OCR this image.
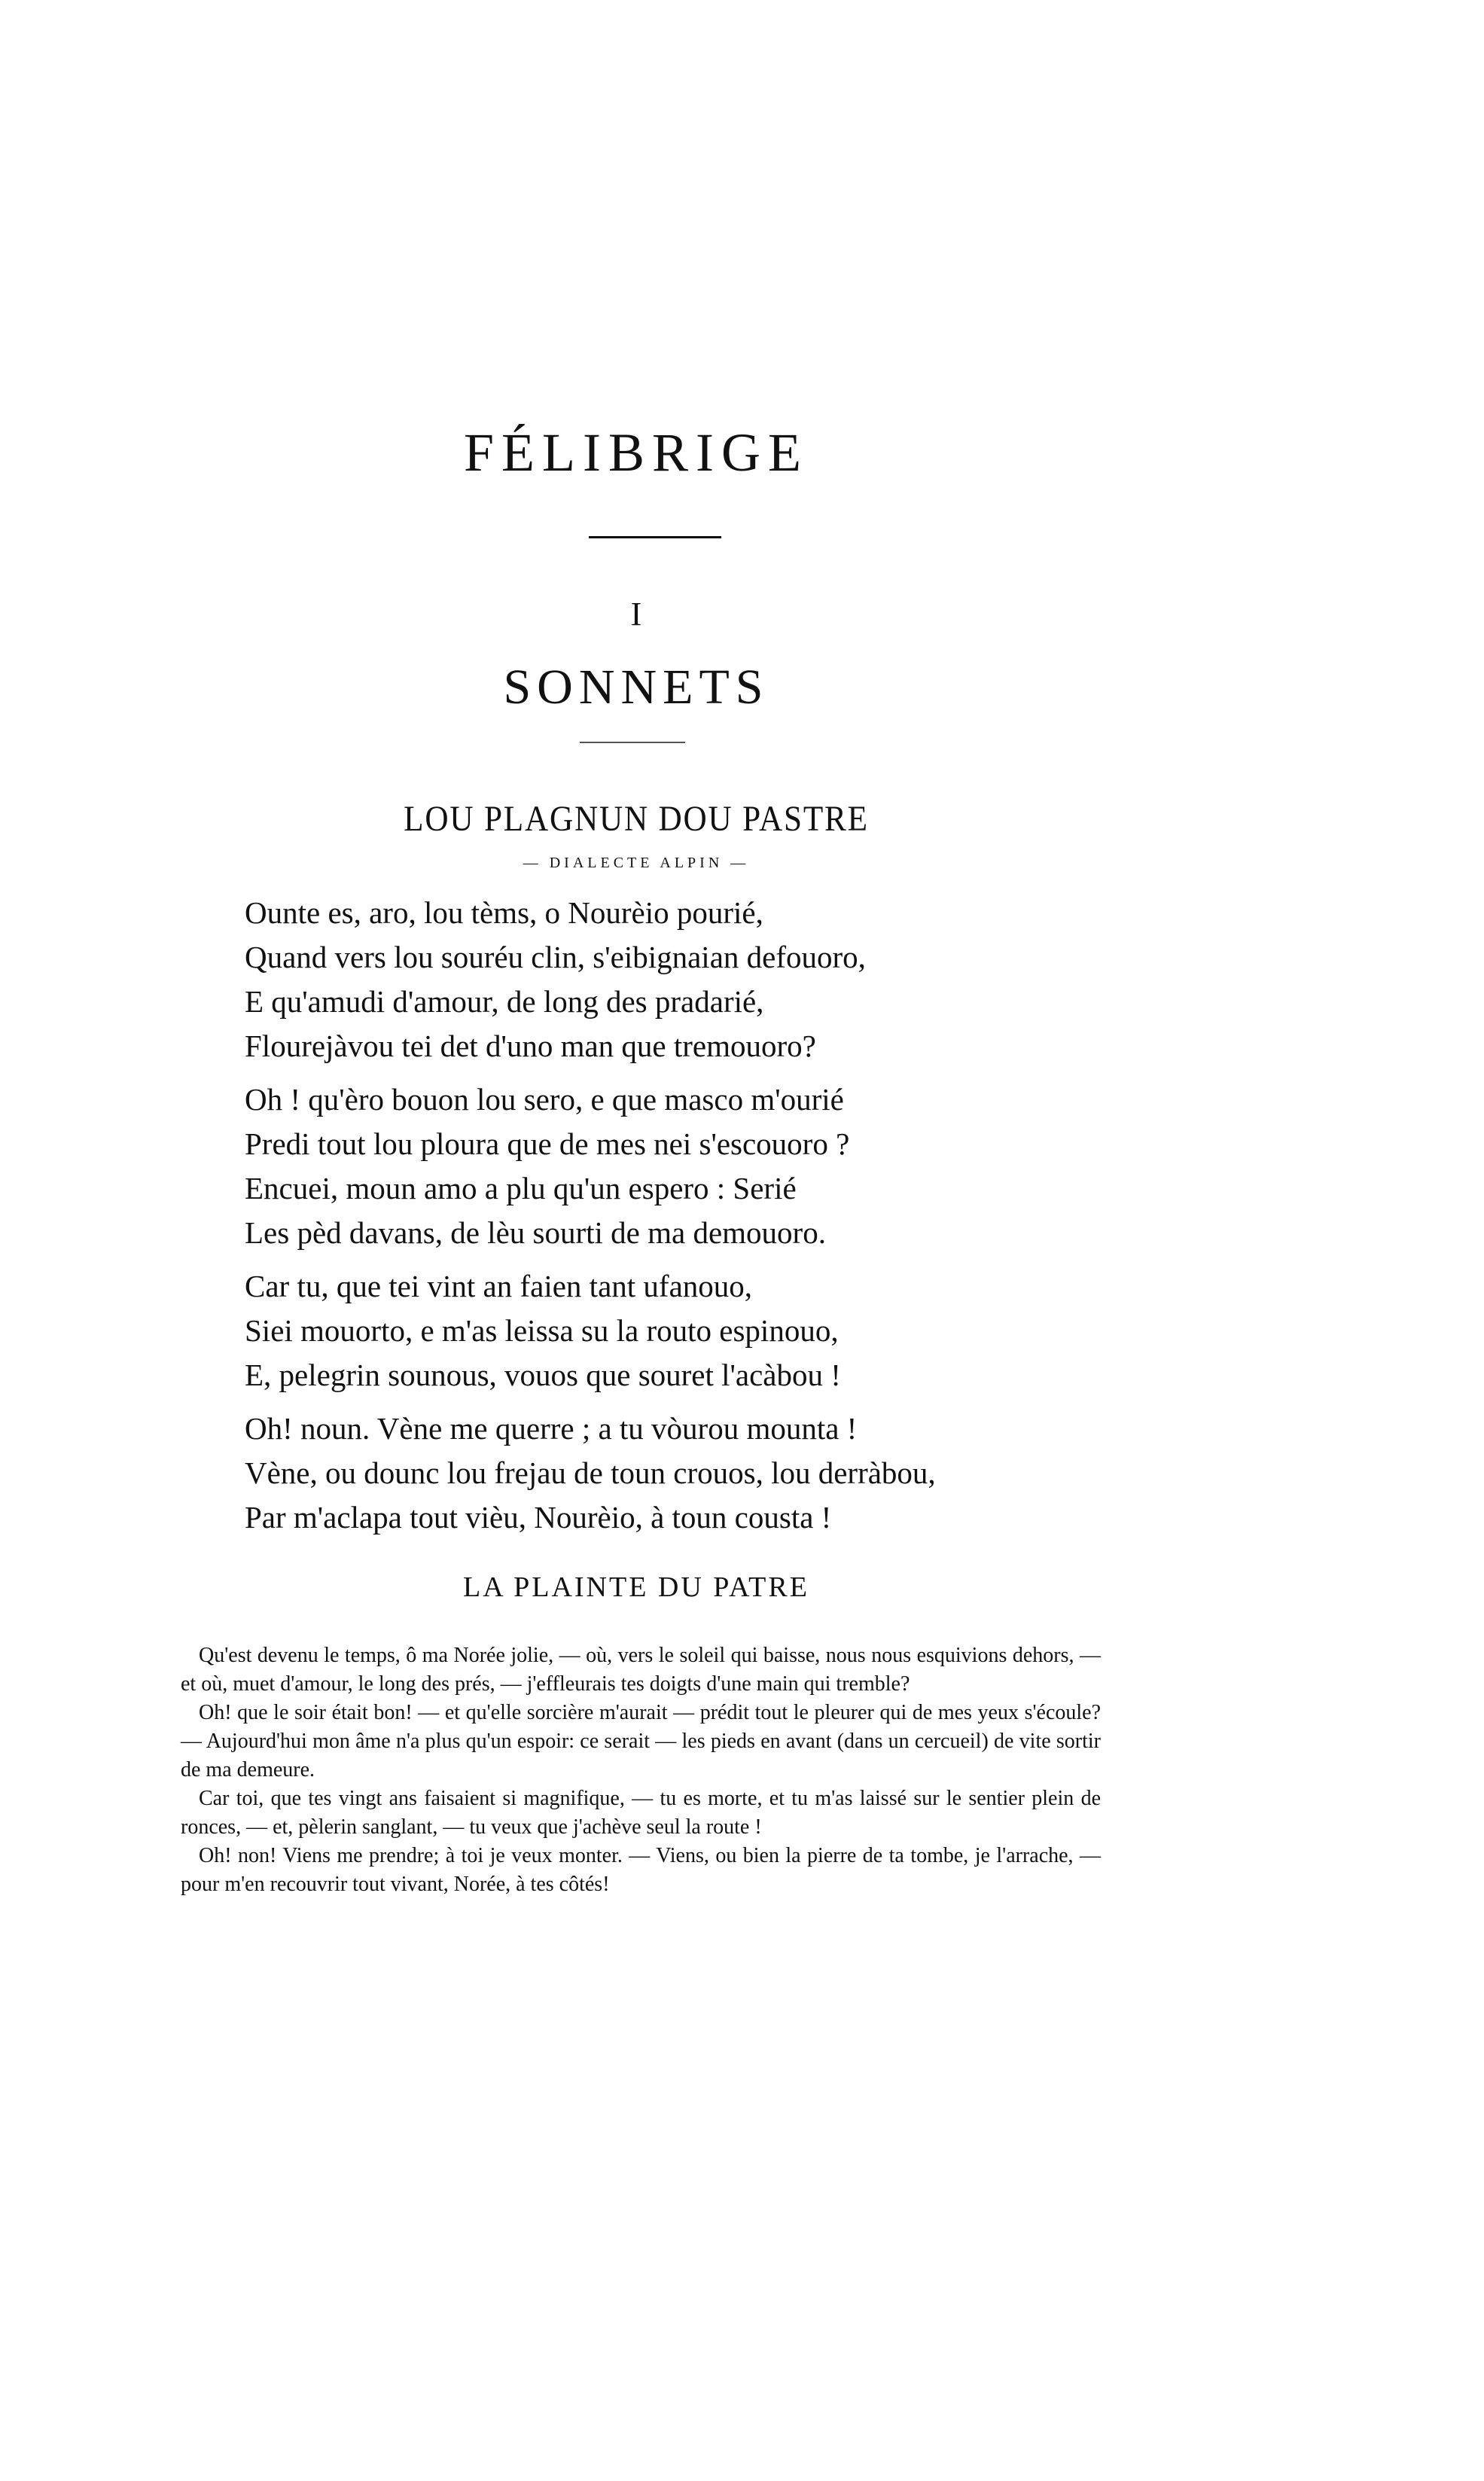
FÉLIBRIGE
I
SONNETS
LOU PLAGNUN DOU PASTRE
— DIALECTE ALPIN —
Ounte es, aro, lou tèms, o Nourèio pourié,
Quand vers lou souréu clin, s'eibignaian defouoro,
E qu'amudi d'amour, de long des pradarié,
Flourejàvou tei det d'uno man que tremouoro?
Oh ! qu'èro bouon lou sero, e que masco m'ourié
Predi tout lou ploura que de mes nei s'escouoro ?
Encuei, moun amo a plu qu'un espero : Serié
Les pèd davans, de lèu sourti de ma demouoro.
Car tu, que tei vint an faien tant ufanouo,
Siei mouorto, e m'as leissa su la routo espinouo,
E, pelegrin sounous, vouos que souret l'acàbou !
Oh! noun. Vène me querre ; a tu vòurou mounta !
Vène, ou dounc lou frejau de toun crouos, lou derràbou,
Par m'aclapa tout vièu, Nourèio, à toun cousta !
LA PLAINTE DU PATRE

Qu'est devenu le temps, ô ma Norée jolie, — où, vers le soleil qui baisse, nous nous esquivions dehors, — et où, muet d'amour, le long des prés, — j'effleurais tes doigts d'une main qui tremble?

Oh! que le soir était bon! — et qu'elle sorcière m'aurait — prédit tout le pleurer qui de mes yeux s'écoule? — Aujourd'hui mon âme n'a plus qu'un espoir: ce serait — les pieds en avant (dans un cercueil) de vite sortir de ma demeure.

Car toi, que tes vingt ans faisaient si magnifique, — tu es morte, et tu m'as laissé sur le sentier plein de ronces, — et, pèlerin sanglant, — tu veux que j'achève seul la route !

Oh! non! Viens me prendre; à toi je veux monter. — Viens, ou bien la pierre de ta tombe, je l'arrache, — pour m'en recouvrir tout vivant, Norée, à tes côtés!
